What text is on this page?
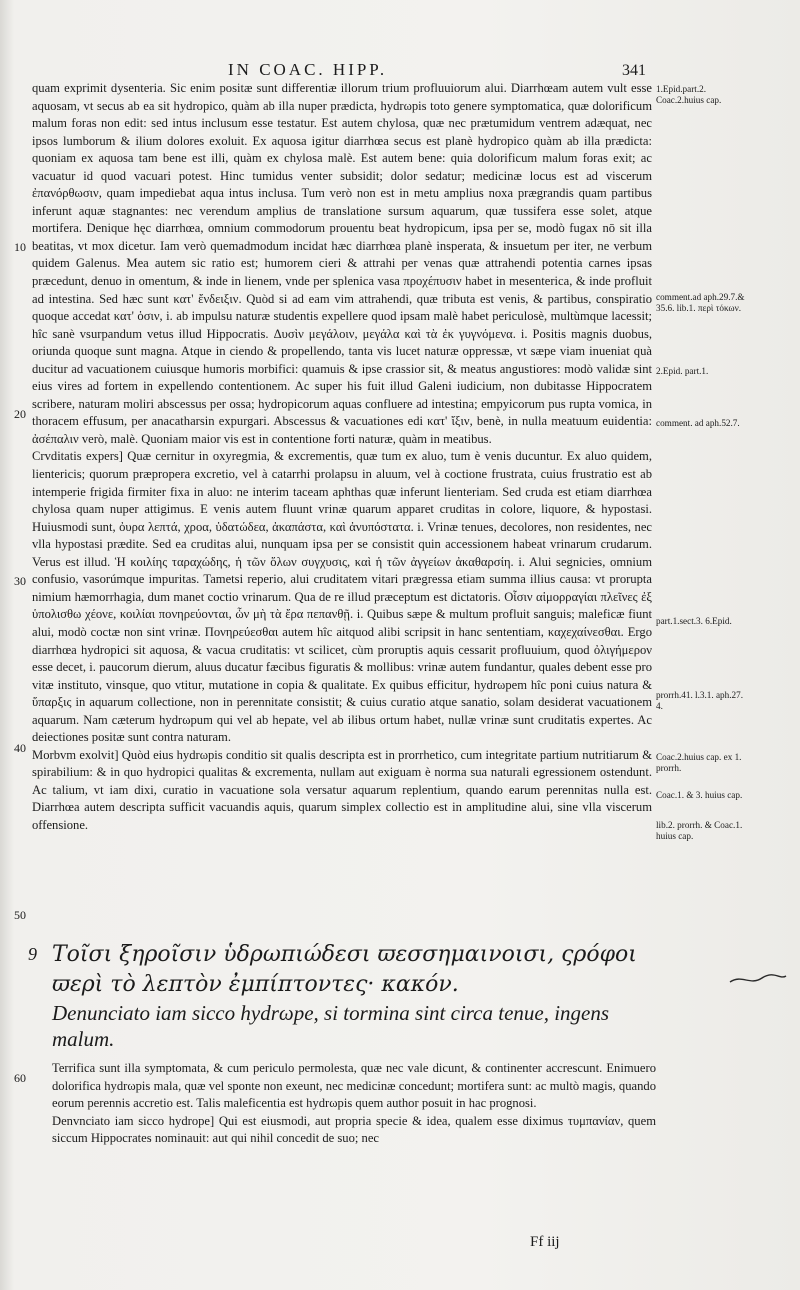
IN COAC. HIPP.	341
10
20
30
40
50
60

quam exprimit dysenteria. Sic enim positæ sunt differentiæ illorum trium profluuiorum alui. Diarrhœam autem vult esse aquosam, vt secus ab ea sit hydropico, quàm ab illa nuper prædicta, hydrωpis toto genere symptomatica, quæ dolorificum malum foras non edit: sed intus inclusum esse testatur. Est autem chylosa, quæ nec prætumidum ventrem adæquat, nec ipsos lumborum & ilium dolores exoluit. Ex aquosa igitur diarrhœa secus est planè hydropico quàm ab illa prædicta: quoniam ex aquosa tam bene est illi, quàm ex chylosa malè. Est autem bene: quia dolorificum malum foras exit; ac vacuatur id quod vacuari potest. Hinc tumidus venter subsidit; dolor sedatur; medicinæ locus est ad viscerum ἐπανόρθωσιν, quam impediebat aqua intus inclusa. Tum verò non est in metu amplius noxa prægrandis quam partibus inferunt aquæ stagnantes: nec verendum amplius de translatione sursum aquarum, quæ tussifera esse solet, atque mortifera. Denique hęc diarrhœa, omnium commodorum prouentu beat hydropicum, ipsa per se, modò fugax nō sit illa beatitas, vt mox dicetur. Iam verò quemadmodum incidat hæc diarrhœa planè insperata, & insuetum per iter, ne verbum quidem Galenus. Mea autem sic ratio est; humorem cieri & attrahi per venas quæ attrahendi potentia carnes ipsas præcedunt, denuo in omentum, & inde in lienem, vnde per splenica vasa προχέπυσιν habet in mesenterica, & inde profluit ad intestina. Sed hæc sunt κατ' ἔνδειξιν. Quòd si ad eam vim attrahendi, quæ tributa est venis, & partibus, conspiratio quoque accedat κατ' ὁσιν, i. ab impulsu naturæ studentis expellere quod ipsam malè habet periculosè, multùmque lacessit; hîc sanè vsurpandum vetus illud Hippocratis. Δυσὶν μεγάλοιν, μεγάλα καὶ τὰ ἐκ γυγνόμενα. i. Positis magnis duobus, oriunda quoque sunt magna. Atque in ciendo & propellendo, tanta vis lucet naturæ oppressæ, vt sæpe viam inueniat quà ducitur ad vacuationem cuiusque humoris morbifici: quamuis & ipse crassior sit, & meatus angustiores: modò validæ sint eius vires ad fortem in expellendo contentionem. Ac super his fuit illud Galeni iudicium, non dubitasse Hippocratem scribere, naturam moliri abscessus per ossa; hydropicorum aquas confluere ad intestina; empyicorum pus rupta vomica, in thoracem effusum, per anacatharsin expurgari. Abscessus & vacuationes edi κατ' ἴξιν, benè, in nulla meatuum euidentia: ἀσέπαλιν verò, malè. Quoniam maior vis est in contentione forti naturæ, quàm in meatibus.

Crvditatis expers] Quæ cernitur in oxyregmia, & excrementis, quæ tum ex aluo, tum è venis ducuntur. Ex aluo quidem, lientericis; quorum præpropera excretio, vel à catarrhi prolapsu in aluum, vel à coctione frustrata, cuius frustratio est ab intemperie frigida firmiter fixa in aluo: ne interim taceam aphthas quæ inferunt lienteriam. Sed cruda est etiam diarrhœa chylosa quam nuper attigimus. E venis autem fluunt vrinæ quarum apparet cruditas in colore, liquore, & hypostasi. Huiusmodi sunt, ὀυρα λεπτά, χροα, ὑδατώδεα, ἀκαπάστα, καὶ ἀνυπόστατα. i. Vrinæ tenues, decolores, non residentes, nec vlla hypostasi prædite. Sed ea cruditas alui, nunquam ipsa per se consistit quin accessionem habeat vrinarum crudarum. Verus est illud. Ἡ κοιλίης ταραχώδης, ἡ τῶν ὅλων συγχυσις, καὶ ἡ τῶν ἀγγείων ἀκαθαρσίη. i. Alui segnicies, omnium confusio, vasorúmque impuritas. Tametsi reperio, alui cruditatem vitari prægressa etiam summa illius causa: vt prorupta nimium hæmorrhagia, dum manet coctio vrinarum. Qua de re illud præceptum est dictatoris. Οἷσιν αἱμορραγίαι πλεῖνες ἐξ ὑπολισθω χέονε, κοιλίαι πονηρεύονται, ὧν μὴ τὰ ἔρα πεπανθῇ. i. Quibus sæpe & multum profluit sanguis; maleficæ fiunt alui, modò coctæ non sint vrinæ. Πονηρεύεσθαι autem hîc aitquod alibi scripsit in hanc sententiam, καχεχαίνεσθαι. Ergo diarrhœa hydropici sit aquosa, & vacua cruditatis: vt scilicet, cùm proruptis aquis cessarit profluuium, quod ὀλιγήμερον esse decet, i. paucorum dierum, aluus ducatur fæcibus figuratis & mollibus: vrinæ autem fundantur, quales debent esse pro vitæ instituto, vinsque, quo vtitur, mutatione in copia & qualitate. Ex quibus efficitur, hydrωpem hîc poni cuius natura & ὕπαρξις in aquarum collectione, non in perennitate consistit; & cuius curatio atque sanatio, solam desiderat vacuationem aquarum. Nam cæterum hydrωpum qui vel ab hepate, vel ab ilibus ortum habet, nullæ vrinæ sunt cruditatis expertes. Ac deiectiones positæ sunt contra naturam.

Morbvm exolvit] Quòd eius hydrωpis conditio sit qualis descripta est in prorrhetico, cum integritate partium nutritiarum & spirabilium: & in quo hydropici qualitas & excrementa, nullam aut exiguam è norma sua naturali egressionem ostendunt. Ac talium, vt iam dixi, curatio in vacuatione sola versatur aquarum replentium, quando earum perennitas nulla est. Diarrhœa autem descripta sufficit vacuandis aquis, quarum simplex collectio est in amplitudine alui, sine vlla viscerum offensione.

1.Epid.part.2. Coac.2.huius cap.
comment.ad aph.29.7.& 35.6. lib.1. περὶ τόκων.
2.Epid. part.1.
comment. ad aph.52.7.
part.1.sect.3. 6.Epid.
prorrh.41. l.3.1. aph.27. 4.
Coac.2.huius cap. ex 1. prorrh.
Coac.1. & 3. huius cap.
lib.2. prorrh. & Coac.1. huius cap.
9 Τοῖσι ξηροῖσιν ὑδρωπιώδεσι ϖεσσημαινοισι, ςρόφοι ϖερὶ τὸ λεπ⁠τὸν ἐμπίπ⁠τοντες· κακόν.
Denunciato iam sicco hydrωpe, si tormina sint circa tenue, ingens malum.

Terrifica sunt illa symptomata, & cum periculo permolesta, quæ nec vale dicunt, & continenter accrescunt. Enimuero dolorifica hydrωpis mala, quæ vel sponte non exeunt, nec medicinæ concedunt; mortifera sunt: ac multò magis, quando eorum perennis accretio est. Talis maleficentia est hydrωpis quem author posuit in hac prognosi.

Denvnciato iam sicco hydrope] Qui est eiusmodi, aut propria specie & idea, qualem esse diximus τυμπανίαν, quem siccum Hippocrates nominauit: aut qui nihil concedit de suo; nec

Ff iij
